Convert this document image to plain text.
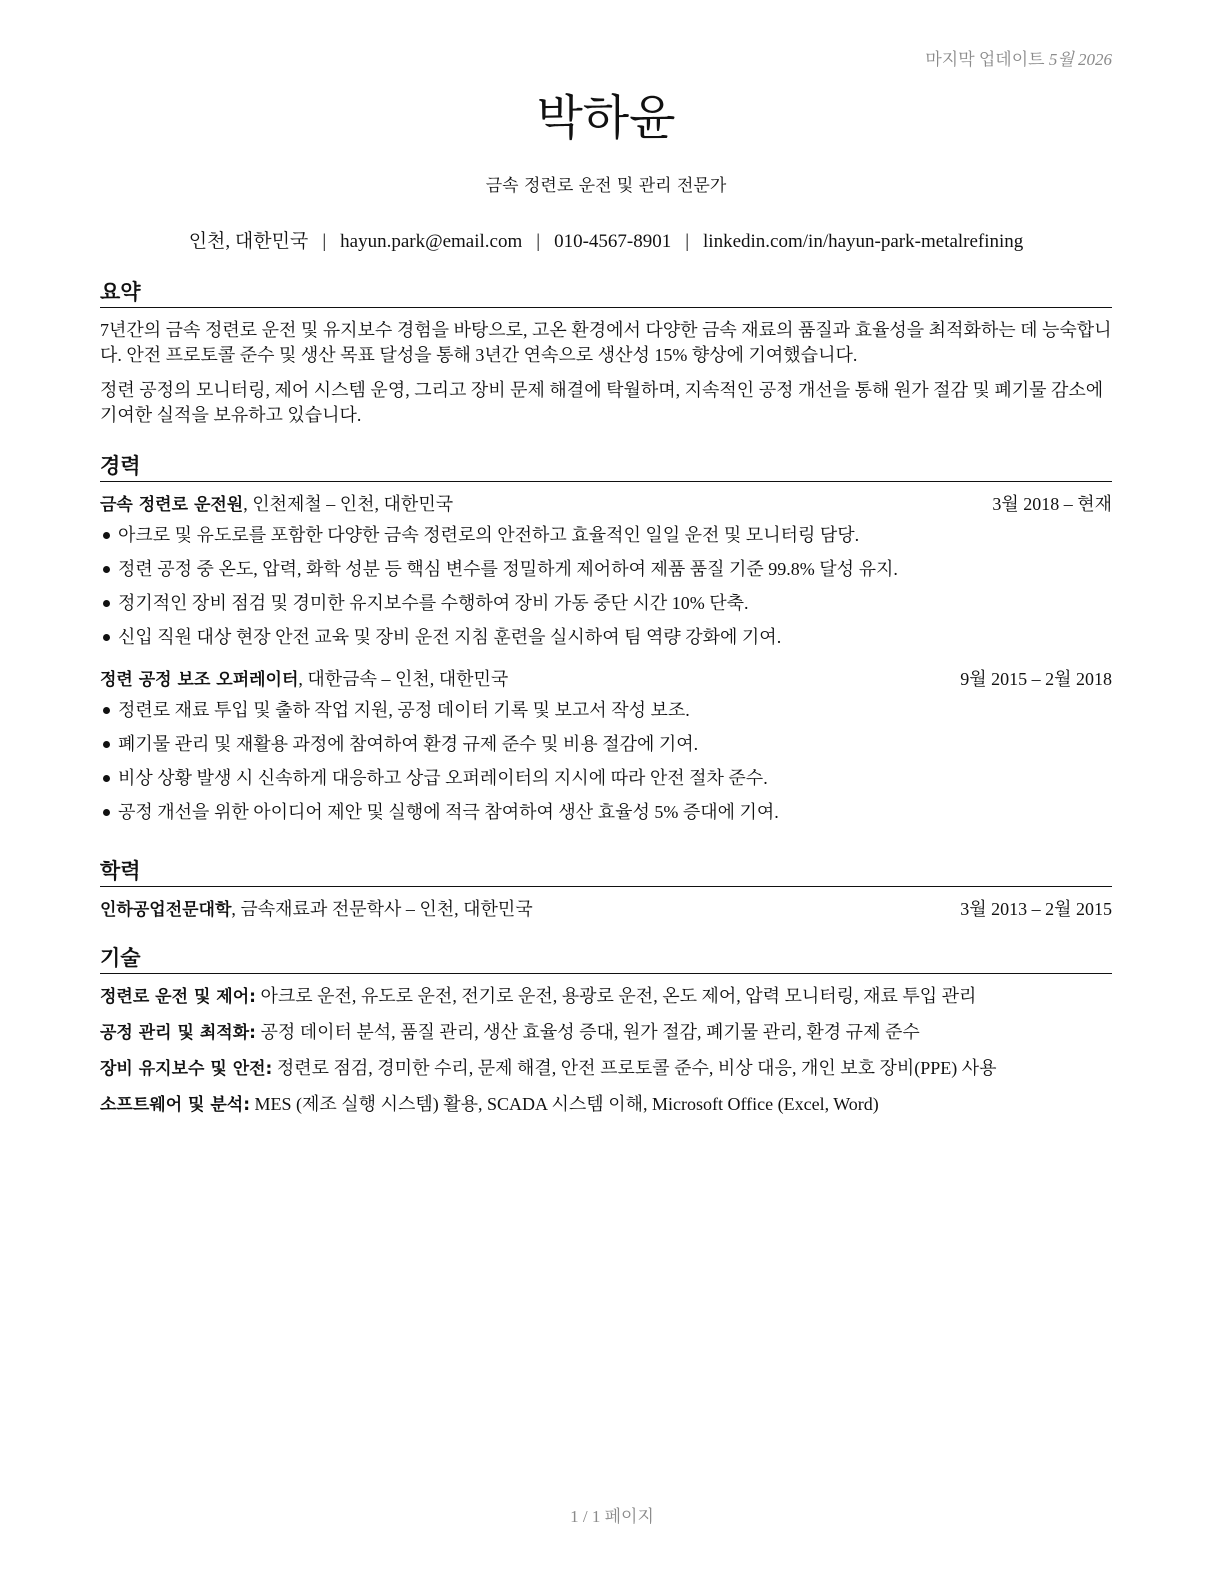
마지막 업데이트 5월 2026
박하윤
금속 정련로 운전 및 관리 전문가
인천, 대한민국 | hayun.park@email.com | 010-4567-8901 | linkedin.com/in/hayun-park-metalrefining
요약

7년간의 금속 정련로 운전 및 유지보수 경험을 바탕으로, 고온 환경에서 다양한 금속 재료의 품질과 효율성을 최적화하는 데 능숙합니다. 안전 프로토콜 준수 및 생산 목표 달성을 통해 3년간 연속으로 생산성 15% 향상에 기여했습니다.

정련 공정의 모니터링, 제어 시스템 운영, 그리고 장비 문제 해결에 탁월하며, 지속적인 공정 개선을 통해 원가 절감 및 폐기물 감소에 기여한 실적을 보유하고 있습니다.

경력
금속 정련로 운전원, 인천제철 – 인천, 대한민국	3월 2018 – 현재
아크로 및 유도로를 포함한 다양한 금속 정련로의 안전하고 효율적인 일일 운전 및 모니터링 담당.
정련 공정 중 온도, 압력, 화학 성분 등 핵심 변수를 정밀하게 제어하여 제품 품질 기준 99.8% 달성 유지.
정기적인 장비 점검 및 경미한 유지보수를 수행하여 장비 가동 중단 시간 10% 단축.
신입 직원 대상 현장 안전 교육 및 장비 운전 지침 훈련을 실시하여 팀 역량 강화에 기여.
정련 공정 보조 오퍼레이터, 대한금속 – 인천, 대한민국	9월 2015 – 2월 2018
정련로 재료 투입 및 출하 작업 지원, 공정 데이터 기록 및 보고서 작성 보조.
폐기물 관리 및 재활용 과정에 참여하여 환경 규제 준수 및 비용 절감에 기여.
비상 상황 발생 시 신속하게 대응하고 상급 오퍼레이터의 지시에 따라 안전 절차 준수.
공정 개선을 위한 아이디어 제안 및 실행에 적극 참여하여 생산 효율성 5% 증대에 기여.
학력
인하공업전문대학, 금속재료과 전문학사 – 인천, 대한민국	3월 2013 – 2월 2015
기술
정련로 운전 및 제어: 아크로 운전, 유도로 운전, 전기로 운전, 용광로 운전, 온도 제어, 압력 모니터링, 재료 투입 관리
공정 관리 및 최적화: 공정 데이터 분석, 품질 관리, 생산 효율성 증대, 원가 절감, 폐기물 관리, 환경 규제 준수
장비 유지보수 및 안전: 정련로 점검, 경미한 수리, 문제 해결, 안전 프로토콜 준수, 비상 대응, 개인 보호 장비(PPE) 사용
소프트웨어 및 분석: MES (제조 실행 시스템) 활용, SCADA 시스템 이해, Microsoft Office (Excel, Word)
1 / 1 페이지
